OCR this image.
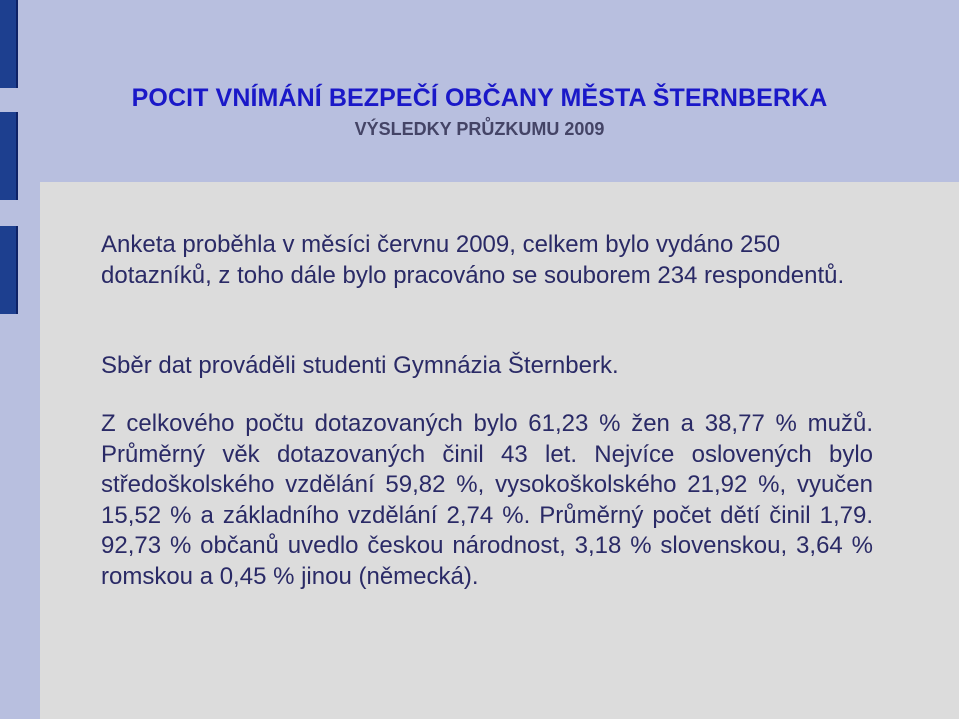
POCIT VNÍMÁNÍ BEZPEČÍ OBČANY MĚSTA ŠTERNBERKA
VÝSLEDKY PRŮZKUMU 2009
Anketa proběhla v měsíci červnu 2009, celkem bylo vydáno 250 dotazníků, z toho dále bylo pracováno se souborem 234 respondentů.
Sběr dat prováděli studenti Gymnázia Šternberk.
Z celkového počtu dotazovaných bylo 61,23 % žen a 38,77 % mužů. Průměrný věk dotazovaných činil 43 let. Nejvíce oslovených bylo středoškolského vzdělání 59,82 %, vysokoškolského 21,92 %, vyučen 15,52 % a základního vzdělání 2,74 %. Průměrný počet dětí činil 1,79. 92,73 % občanů uvedlo českou národnost, 3,18 % slovenskou, 3,64 % romskou a 0,45 % jinou (německá).
